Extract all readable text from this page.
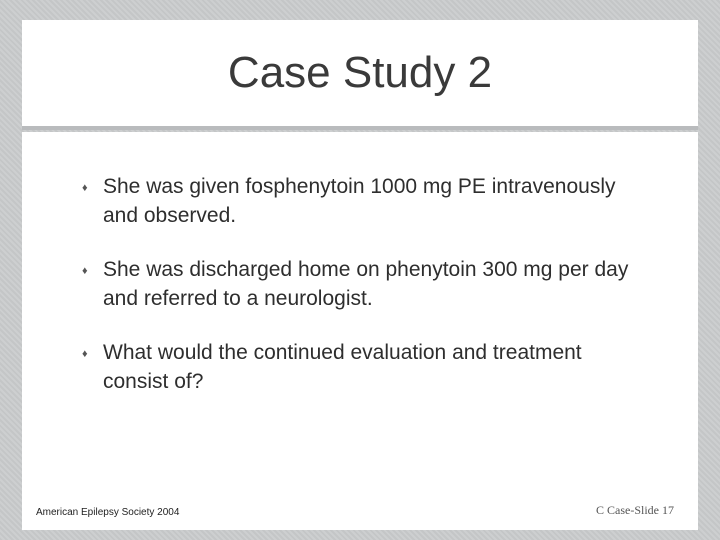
Case Study 2
♦ She was given fosphenytoin 1000 mg PE intravenously and observed.
♦ She was discharged home on phenytoin 300 mg per day and referred to a neurologist.
♦ What would the continued evaluation and treatment consist of?
American Epilepsy Society 2004	C Case-Slide 17
